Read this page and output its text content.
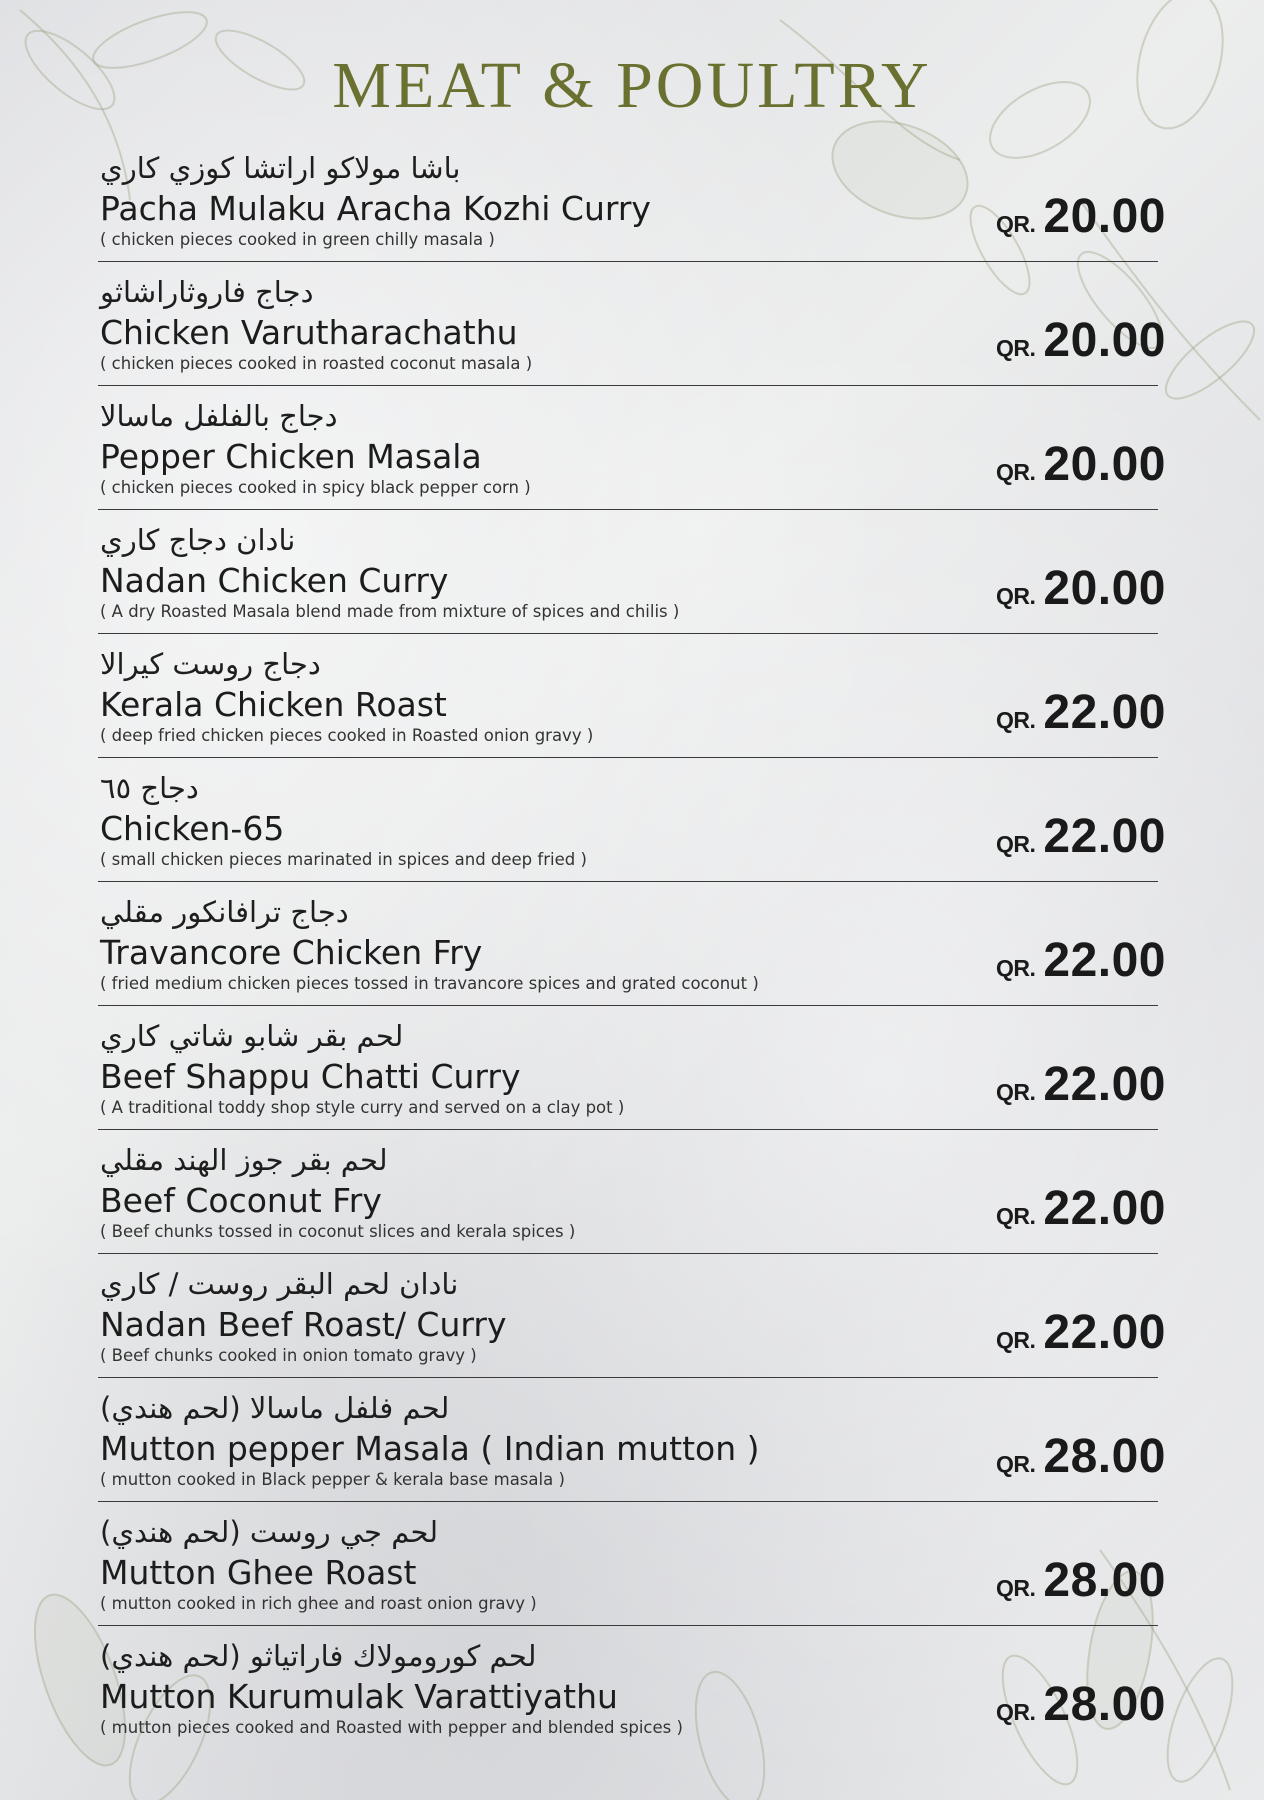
MEAT & POULTRY
باشا مولاكو اراتشا كوزي كاري
Pacha Mulaku Aracha Kozhi Curry
( chicken pieces cooked in green chilly masala )
QR. 20.00
دجاج فاروثاراشاثو
Chicken Varutharachathu
( chicken pieces cooked in roasted coconut masala )
QR. 20.00
دجاج بالفلفل ماسالا
Pepper Chicken Masala
( chicken pieces cooked in spicy black pepper corn )
QR. 20.00
نادان دجاج كاري
Nadan Chicken Curry
( A dry Roasted Masala blend made from mixture of spices and chilis )
QR. 20.00
دجاج روست كيرالا
Kerala Chicken Roast
( deep fried chicken pieces cooked in Roasted onion gravy )
QR. 22.00
دجاج ٦٥
Chicken-65
( small chicken pieces marinated in spices and deep fried )
QR. 22.00
دجاج ترافانكور مقلي
Travancore Chicken Fry
( fried medium chicken pieces tossed in travancore spices and grated coconut )
QR. 22.00
لحم بقر شابو شاتي كاري
Beef Shappu Chatti Curry
( A traditional toddy shop style curry and served on a clay pot )
QR. 22.00
لحم بقر جوز الهند مقلي
Beef Coconut Fry
( Beef chunks tossed in coconut slices and kerala spices )
QR. 22.00
نادان لحم البقر روست / كاري
Nadan Beef Roast/ Curry
( Beef chunks cooked in onion tomato gravy )
QR. 22.00
لحم فلفل ماسالا (لحم هندي)
Mutton pepper Masala ( Indian mutton )
( mutton cooked in Black pepper & kerala base masala )
QR. 28.00
لحم جي روست (لحم هندي)
Mutton Ghee Roast
( mutton cooked in rich ghee and roast onion gravy )
QR. 28.00
لحم كورومولاك فاراتياثو (لحم هندي)
Mutton Kurumulak Varattiyathu
( mutton pieces cooked and Roasted with pepper and blended spices )
QR. 28.00
